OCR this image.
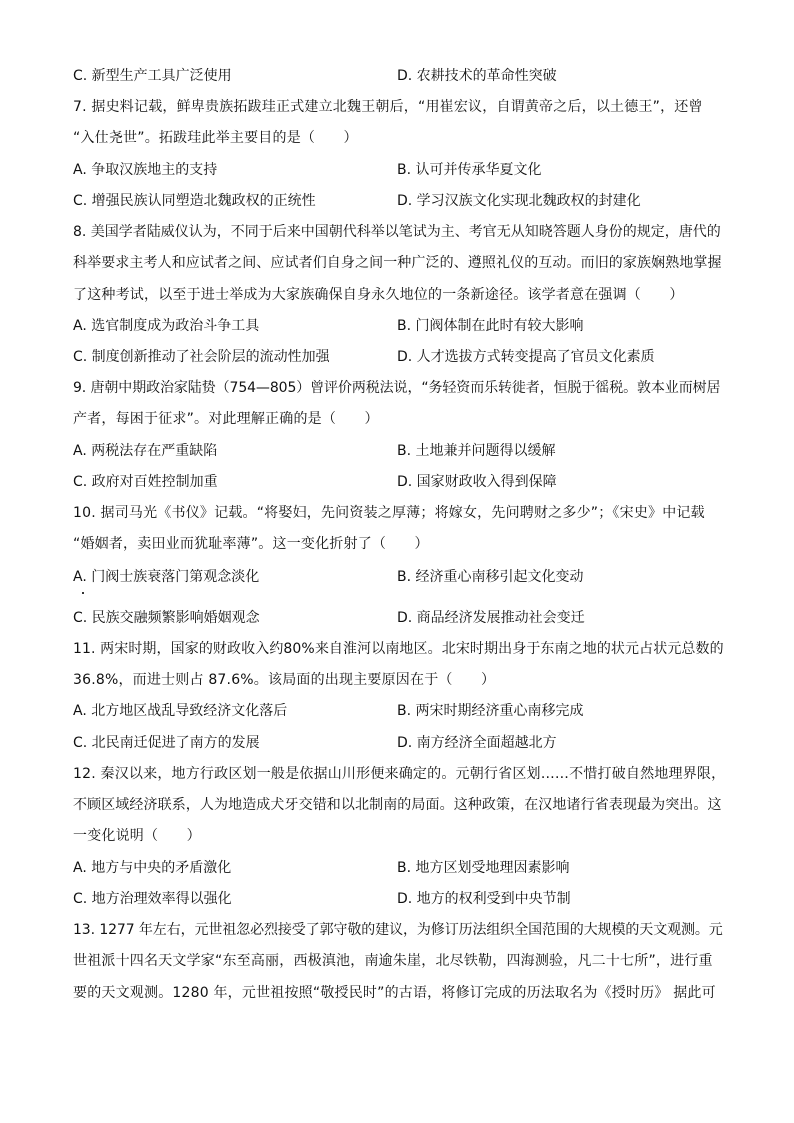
C. 新型生产工具广泛使用	D. 农耕技术的革命性突破
7. 据史料记载，鲜卑贵族拓跋珪正式建立北魏王朝后，“用崔宏议，自谓黄帝之后，以土德王”，还曾
“入仕尧世”。拓跋珪此举主要目的是（　　）
A. 争取汉族地主的支持	B. 认可并传承华夏文化
C. 增强民族认同塑造北魏政权的正统性	D. 学习汉族文化实现北魏政权的封建化
8. 美国学者陆威仪认为，不同于后来中国朝代科举以笔试为主、考官无从知晓答题人身份的规定，唐代的
科举要求主考人和应试者之间、应试者们自身之间一种广泛的、遵照礼仪的互动。而旧的家族娴熟地掌握
了这种考试，以至于进士举成为大家族确保自身永久地位的一条新途径。该学者意在强调（　　）
A. 选官制度成为政治斗争工具	B. 门阀体制在此时有较大影响
C. 制度创新推动了社会阶层的流动性加强	D. 人才选拔方式转变提高了官员文化素质
9. 唐朝中期政治家陆贽（754—805）曾评价两税法说，“务轻资而乐转徙者，恒脱于徭税。敦本业而树居
产者，每困于征求”。对此理解正确的是（　　）
A. 两税法存在严重缺陷	B. 土地兼并问题得以缓解
C. 政府对百姓控制加重	D. 国家财政收入得到保障
10. 据司马光《书仪》记载。“将娶妇，先问资装之厚薄；将嫁女，先问聘财之多少”；《宋史》中记载
“婚姻者，卖田业而犹耻率薄”。这一变化折射了（　　）
A. 门阀士族衰落门第观念淡化	B. 经济重心南移引起文化变动
C. 民族交融频繁影响婚姻观念	D. 商品经济发展推动社会变迁
11. 两宋时期，国家的财政收入约80%来自淮河以南地区。北宋时期出身于东南之地的状元占状元总数的
36.8%，而进士则占 87.6%。该局面的出现主要原因在于（　　）
A. 北方地区战乱导致经济文化落后	B. 两宋时期经济重心南移完成
C. 北民南迁促进了南方的发展	D. 南方经济全面超越北方
12. 秦汉以来，地方行政区划一般是依据山川形便来确定的。元朝行省区划……不惜打破自然地理界限，
不顾区域经济联系，人为地造成犬牙交错和以北制南的局面。这种政策，在汉地诸行省表现最为突出。这
一变化说明（　　）
A. 地方与中央的矛盾激化	B. 地方区划受地理因素影响
C. 地方治理效率得以强化	D. 地方的权利受到中央节制
13. 1277 年左右，元世祖忽必烈接受了郭守敬的建议，为修订历法组织全国范围的大规模的天文观测。元
世祖派十四名天文学家“东至高丽，西极滇池，南逾朱崖，北尽铁勒，四海测验，凡二十七所”，进行重
要的天文观测。1280 年，元世祖按照“敬授民时”的古语，将修订完成的历法取名为《授时历》 据此可
